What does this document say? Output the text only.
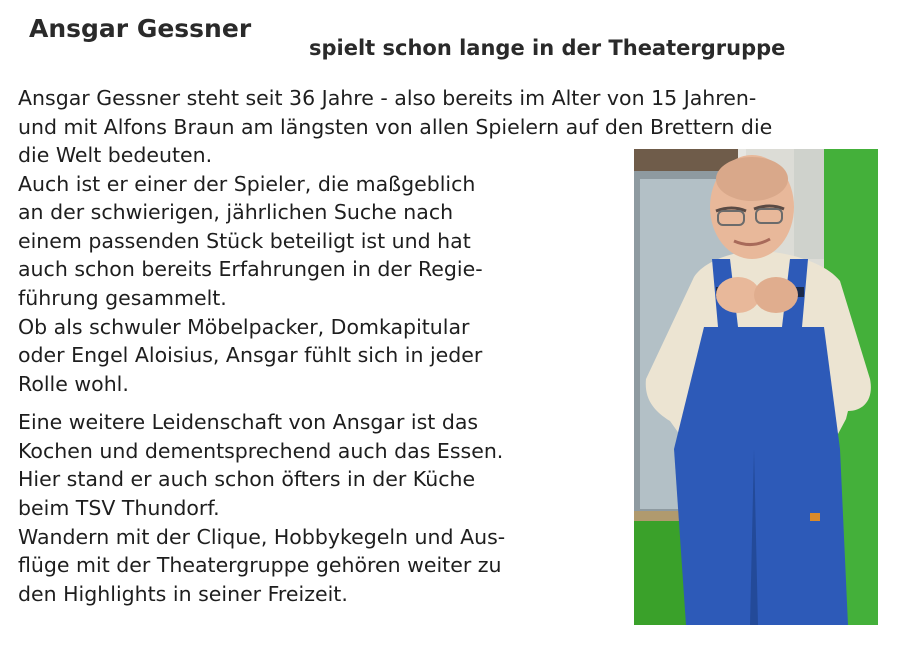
Ansgar Gessner
spielt schon lange in der Theatergruppe

Ansgar Gessner steht seit 36 Jahre - also bereits im Alter von 15 Jahren-

und mit Alfons Braun am längsten von allen Spielern auf den Brettern die

die Welt bedeuten.

Auch ist er einer der Spieler, die maßgeblich

an der schwierigen, jährlichen Suche nach

einem passenden Stück beteiligt ist und hat

auch schon bereits Erfahrungen in der Regie-

führung gesammelt.

Ob als schwuler Möbelpacker, Domkapitular

oder Engel Aloisius, Ansgar fühlt sich in jeder

Rolle wohl.

Eine weitere Leidenschaft von Ansgar ist das

Kochen und dementsprechend auch das Essen.

Hier stand er auch schon öfters in der Küche

beim TSV Thundorf.

Wandern mit der Clique, Hobbykegeln und Aus-

flüge mit der Theatergruppe gehören weiter zu

den Highlights in seiner Freizeit.
